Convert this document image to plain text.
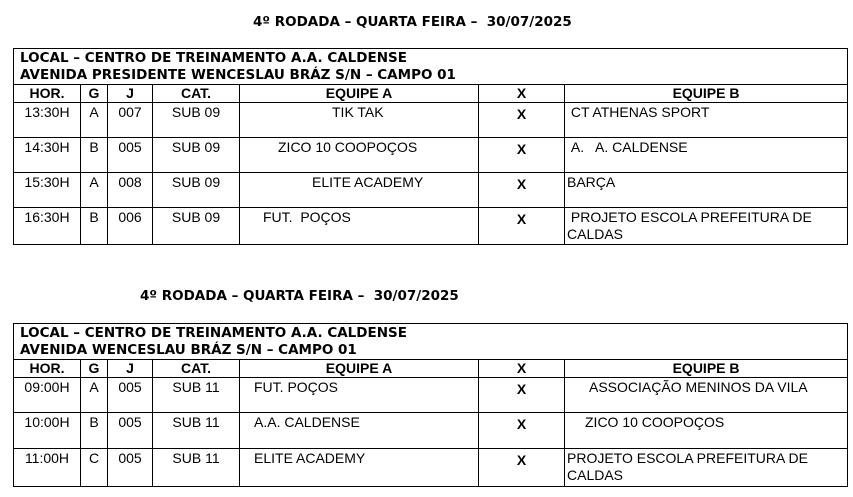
4º RODADA – QUARTA FEIRA –  30/07/2025
LOCAL – CENTRO DE TREINAMENTO A.A. CALDENSE
AVENIDA PRESIDENTE WENCESLAU BRÁZ S/N – CAMPO 01						

HOR.	G	J	CAT.	EQUIPE A	X	EQUIPE B
13:30H	A	007	SUB 09	TIK TAK	X	CT ATHENAS SPORT
14:30H	B	005	SUB 09	ZICO 10 COOPOÇOS	X	A.   A. CALDENSE
15:30H	A	008	SUB 09	ELITE ACADEMY	X	BARÇA
16:30H	B	006	SUB 09	FUT.  POÇOS	X	PROJETO ESCOLA PREFEITURA DE CALDAS
4º RODADA – QUARTA FEIRA –  30/07/2025
LOCAL – CENTRO DE TREINAMENTO A.A. CALDENSE
AVENIDA WENCESLAU BRÁZ S/N – CAMPO 01						

HOR.	G	J	CAT.	EQUIPE A	X	EQUIPE B
09:00H	A	005	SUB 11	FUT. POÇOS	X	ASSOCIAÇÃO MENINOS DA VILA
10:00H	B	005	SUB 11	A.A. CALDENSE	X	ZICO 10 COOPOÇOS
11:00H	C	005	SUB 11	ELITE ACADEMY	X	PROJETO ESCOLA PREFEITURA DE CALDAS
